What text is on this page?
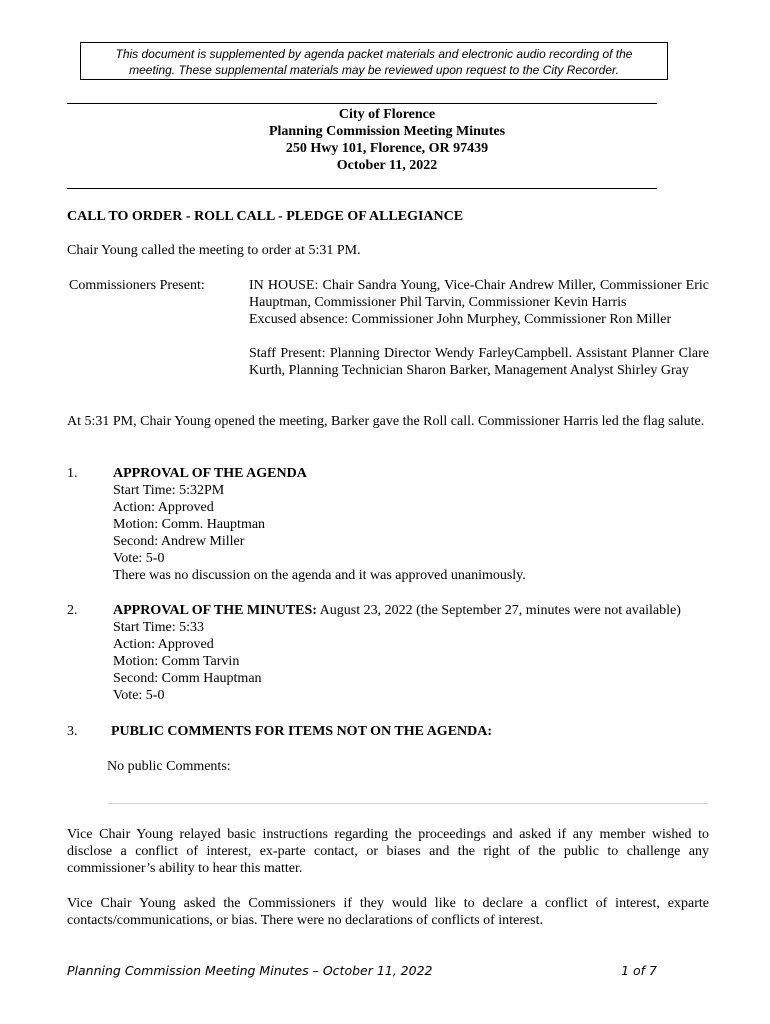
This document is supplemented by agenda packet materials and electronic audio recording of the
meeting. These supplemental materials may be reviewed upon request to the City Recorder.
City of Florence
Planning Commission Meeting Minutes
250 Hwy 101, Florence, OR 97439
October 11, 2022
CALL TO ORDER - ROLL CALL - PLEDGE OF ALLEGIANCE
Chair Young called the meeting to order at 5:31 PM.
Commissioners Present:	IN HOUSE: Chair Sandra Young, Vice-Chair Andrew Miller, Commissioner Eric Hauptman, Commissioner Phil Tarvin, Commissioner Kevin Harris
Excused absence: Commissioner John Murphey, Commissioner Ron Miller
Staff Present: Planning Director Wendy FarleyCampbell. Assistant Planner Clare Kurth, Planning Technician Sharon Barker, Management Analyst Shirley Gray
At 5:31 PM, Chair Young opened the meeting, Barker gave the Roll call. Commissioner Harris led the flag salute.
1.	APPROVAL OF THE AGENDA
Start Time: 5:32PM
Action: Approved
Motion: Comm. Hauptman
Second: Andrew Miller
Vote: 5-0
There was no discussion on the agenda and it was approved unanimously.
2.	APPROVAL OF THE MINUTES: August 23, 2022 (the September 27, minutes were not available)
Start Time: 5:33
Action: Approved
Motion: Comm Tarvin
Second: Comm Hauptman
Vote: 5-0
3. PUBLIC COMMENTS FOR ITEMS NOT ON THE AGENDA:
No public Comments:
Vice Chair Young relayed basic instructions regarding the proceedings and asked if any member wished to disclose a conflict of interest, ex-parte contact, or biases and the right of the public to challenge any commissioner’s ability to hear this matter.
Vice Chair Young asked the Commissioners if they would like to declare a conflict of interest, exparte contacts/communications, or bias. There were no declarations of conflicts of interest.
Planning Commission Meeting Minutes – October 11, 2022	1 of 7
